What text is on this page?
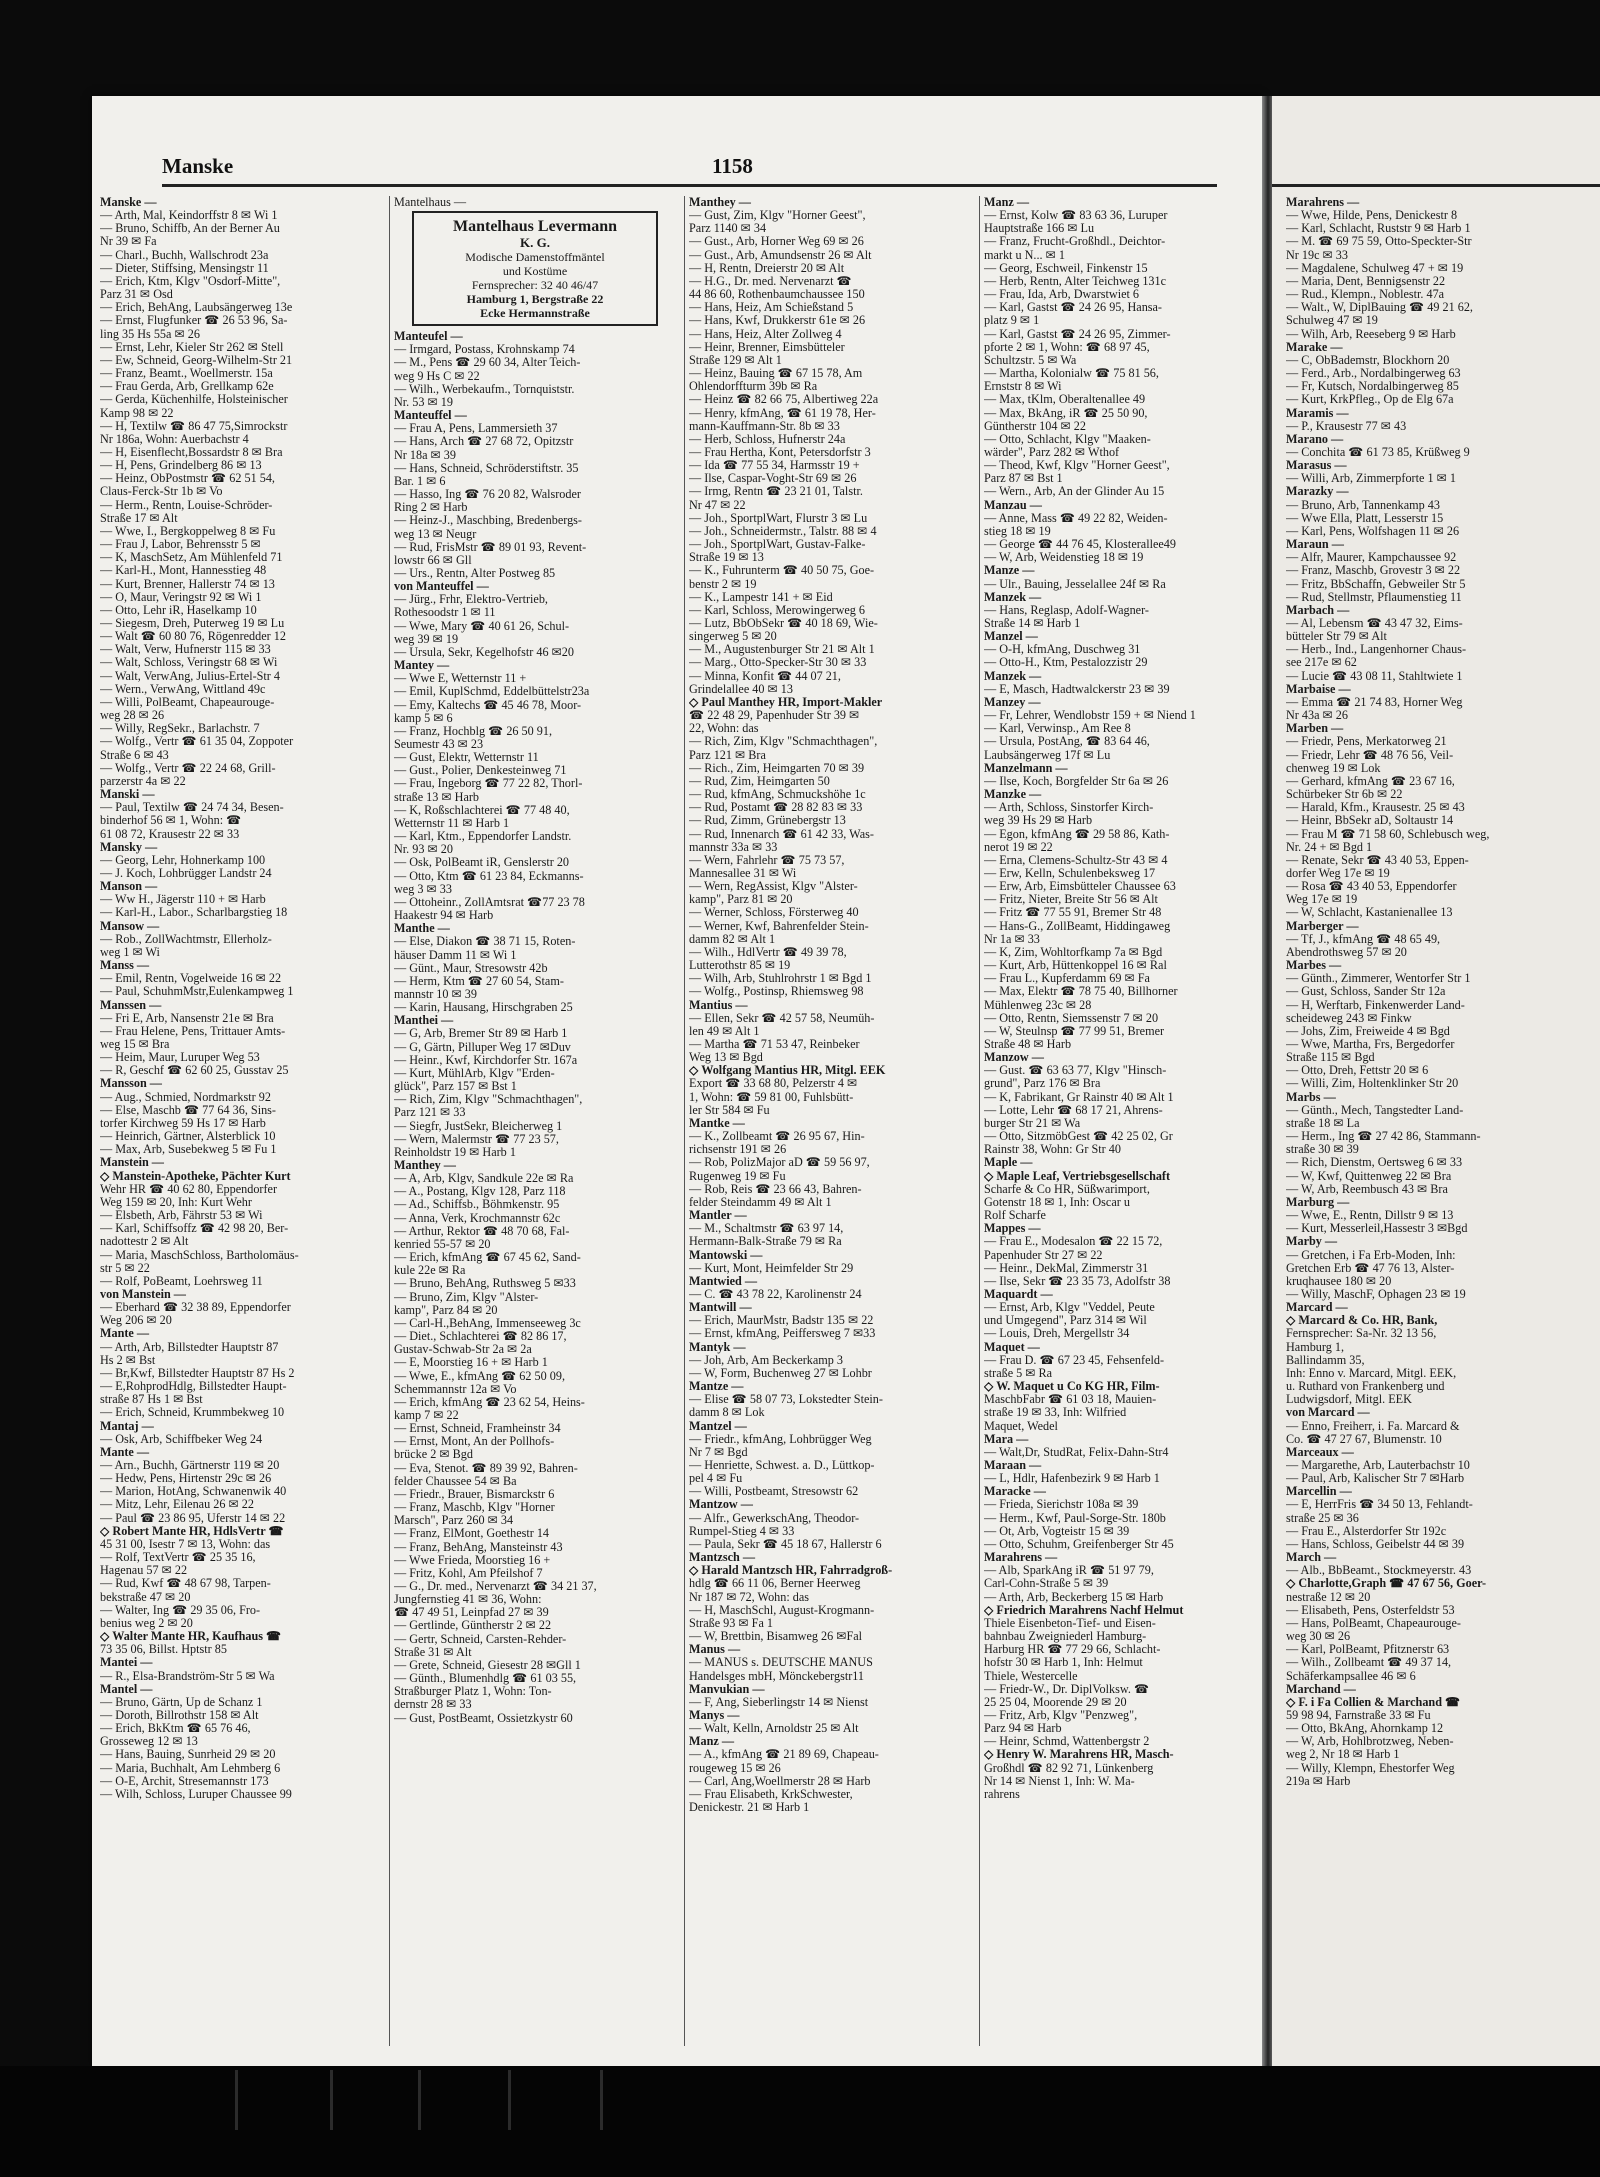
Manske	1158
Manske —
— Arth, Mal, Keindorffstr 8 ✉ Wi 1
— Bruno, Schiffb, An der Berner Au
Nr 39 ✉ Fa
— Charl., Buchh, Wallschrodt 23a
— Dieter, Stiffsing, Mensingstr 11
— Erich, Ktm, Klgv "Osdorf-Mitte",
Parz 31 ✉ Osd
— Erich, BehAng, Laubsängerweg 13e
— Ernst, Flugfunker ☎ 26 53 96, Sa-
ling 35 Hs 55a ✉ 26
— Ernst, Lehr, Kieler Str 262 ✉ Stell
— Ew, Schneid, Georg-Wilhelm-Str 21
— Franz, Beamt., Woellmerstr. 15a
— Frau Gerda, Arb, Grellkamp 62e
— Gerda, Küchenhilfe, Holsteinischer
Kamp 98 ✉ 22
— H, Textilw ☎ 86 47 75,Simrockstr
Nr 186a, Wohn: Auerbachstr 4
— H, Eisenflecht,Bossardstr 8 ✉ Bra
— H, Pens, Grindelberg 86 ✉ 13
— Heinz, ObPostmstr ☎ 62 51 54,
Claus-Ferck-Str 1b ✉ Vo
— Herm., Rentn, Louise-Schröder-
Straße 17 ✉ Alt
— Wwe, I., Bergkoppelweg 8 ✉ Fu
— Frau J, Labor, Behrensstr 5 ✉
— K, MaschSetz, Am Mühlenfeld 71
— Karl-H., Mont, Hannesstieg 48
— Kurt, Brenner, Hallerstr 74 ✉ 13
— O, Maur, Veringstr 92 ✉ Wi 1
— Otto, Lehr iR, Haselkamp 10
— Siegesm, Dreh, Puterweg 19 ✉ Lu
— Walt ☎ 60 80 76, Rögenredder 12
— Walt, Verw, Hufnerstr 115 ✉ 33
— Walt, Schloss, Veringstr 68 ✉ Wi
— Walt, VerwAng, Julius-Ertel-Str 4
— Wern., VerwAng, Wittland 49c
— Willi, PolBeamt, Chapeaurouge-
weg 28 ✉ 26
— Willy, RegSekr., Barlachstr. 7
— Wolfg., Vertr ☎ 61 35 04, Zoppoter
Straße 6 ✉ 43
— Wolfg., Vertr ☎ 22 24 68, Grill-
parzerstr 4a ✉ 22
Manski —
— Paul, Textilw ☎ 24 74 34, Besen-
binderhof 56 ✉ 1, Wohn: ☎
61 08 72, Krausestr 22 ✉ 33
Mansky —
— Georg, Lehr, Hohnerkamp 100
— J. Koch, Lohbrügger Landstr 24
Manson —
— Ww H., Jägerstr 110 + ✉ Harb
— Karl-H., Labor., Scharlbargstieg 18
Mansow —
— Rob., ZollWachtmstr, Ellerholz-
weg 1 ✉ Wi
Manss —
— Emil, Rentn, Vogelweide 16 ✉ 22
— Paul, SchuhmMstr,Eulenkampweg 1
Manssen —
— Fri E, Arb, Nansenstr 21e ✉ Bra
— Frau Helene, Pens, Trittauer Amts-
weg 15 ✉ Bra
— Heim, Maur, Luruper Weg 53
— R, Geschf ☎ 62 60 25, Gusstav 25
Mansson —
— Aug., Schmied, Nordmarkstr 92
— Else, Maschb ☎ 77 64 36, Sins-
torfer Kirchweg 59 Hs 17 ✉ Harb
— Heinrich, Gärtner, Alsterblick 10
— Max, Arb, Susebekweg 5 ✉ Fu 1
Manstein —
◇ Manstein-Apotheke, Pächter Kurt
Wehr HR ☎ 40 62 80, Eppendorfer
Weg 159 ✉ 20, Inh: Kurt Wehr
— Elsbeth, Arb, Fährstr 53 ✉ Wi
— Karl, Schiffsoffz ☎ 42 98 20, Ber-
nadottestr 2 ✉ Alt
— Maria, MaschSchloss, Bartholomäus-
str 5 ✉ 22
— Rolf, PoBeamt, Loehrsweg 11
von Manstein —
— Eberhard ☎ 32 38 89, Eppendorfer
Weg 206 ✉ 20
Mante —
— Arth, Arb, Billstedter Hauptstr 87
Hs 2 ✉ Bst
— Br,Kwf, Billstedter Hauptstr 87 Hs 2
— E,RohprodHdlg, Billstedter Haupt-
straße 87 Hs 1 ✉ Bst
— Erich, Schneid, Krummbekweg 10
Mantaj —
— Osk, Arb, Schiffbeker Weg 24
Mante —
— Arn., Buchh, Gärtnerstr 119 ✉ 20
— Hedw, Pens, Hirtenstr 29c ✉ 26
— Marion, HotAng, Schwanenwik 40
— Mitz, Lehr, Eilenau 26 ✉ 22
— Paul ☎ 23 86 95, Uferstr 14 ✉ 22
◇ Robert Mante HR, HdlsVertr ☎
45 31 00, Isestr 7 ✉ 13, Wohn: das
— Rolf, TextVertr ☎ 25 35 16,
Hagenau 57 ✉ 22
— Rud, Kwf ☎ 48 67 98, Tarpen-
bekstraße 47 ✉ 20
— Walter, Ing ☎ 29 35 06, Fro-
benius weg 2 ✉ 20
◇ Walter Mante HR, Kaufhaus ☎
73 35 06, Billst. Hptstr 85
Mantei —
— R., Elsa-Brandström-Str 5 ✉ Wa
Mantel —
— Bruno, Gärtn, Up de Schanz 1
— Doroth, Billrothstr 158 ✉ Alt
— Erich, BkKtm ☎ 65 76 46,
Grosseweg 12 ✉ 13
— Hans, Bauing, Sunrheid 29 ✉ 20
— Maria, Buchhalt, Am Lehmberg 6
— O-E, Archit, Stresemannstr 173
— Wilh, Schloss, Luruper Chaussee 99
Mantelhaus —
Mantelhaus Levermann
K. G.
Modische Damenstoffmäntel
und Kostüme
Fernsprecher: 32 40 46/47
Hamburg 1, Bergstraße 22
Ecke Hermannstraße
Manteufel —
— Irmgard, Postass, Krohnskamp 74
— M., Pens ☎ 29 60 34, Alter Teich-
weg 9 Hs C ✉ 22
— Wilh., Werbekaufm., Tornquiststr.
Nr. 53 ✉ 19
Manteuffel —
— Frau A, Pens, Lammersieth 37
— Hans, Arch ☎ 27 68 72, Opitzstr
Nr 18a ✉ 39
— Hans, Schneid, Schröderstiftstr. 35
Bar. 1 ✉ 6
— Hasso, Ing ☎ 76 20 82, Walsroder
Ring 2 ✉ Harb
— Heinz-J., Maschbing, Bredenbergs-
weg 13 ✉ Neugr
— Rud, FrisMstr ☎ 89 01 93, Revent-
lowstr 66 ✉ Gll
— Urs., Rentn, Alter Postweg 85
von Manteuffel —
— Jürg., Frhr, Elektro-Vertrieb,
Rothesoodstr 1 ✉ 11
— Wwe, Mary ☎ 40 61 26, Schul-
weg 39 ✉ 19
— Ursula, Sekr, Kegelhofstr 46 ✉20
Mantey —
— Wwe E, Wetternstr 11 +
— Emil, KuplSchmd, Eddelbüttelstr23a
— Emy, Kaltechs ☎ 45 46 78, Moor-
kamp 5 ✉ 6
— Franz, Hochblg ☎ 26 50 91,
Seumestr 43 ✉ 23
— Gust, Elektr, Wetternstr 11
— Gust., Polier, Denkesteinweg 71
— Frau, Ingeborg ☎ 77 22 82, Thorl-
straße 13 ✉ Harb
— K, Roßschlachterei ☎ 77 48 40,
Wetternstr 11 ✉ Harb 1
— Karl, Ktm., Eppendorfer Landstr.
Nr. 93 ✉ 20
— Osk, PolBeamt iR, Genslerstr 20
— Otto, Ktm ☎ 61 23 84, Eckmanns-
weg 3 ✉ 33
— Ottoheinr., ZollAmtsrat ☎77 23 78
Haakestr 94 ✉ Harb
Manthe —
— Else, Diakon ☎ 38 71 15, Roten-
häuser Damm 11 ✉ Wi 1
— Günt., Maur, Stresowstr 42b
— Herm, Ktm ☎ 27 60 54, Stam-
mannstr 10 ✉ 39
— Karin, Hausang, Hirschgraben 25
Manthei —
— G, Arb, Bremer Str 89 ✉ Harb 1
— G, Gärtn, Pilluper Weg 17 ✉Duv
— Heinr., Kwf, Kirchdorfer Str. 167a
— Kurt, MühlArb, Klgv "Erden-
glück", Parz 157 ✉ Bst 1
— Rich, Zim, Klgv "Schmachthagen",
Parz 121 ✉ 33
— Siegfr, JustSekr, Bleicherweg 1
— Wern, Malermstr ☎ 77 23 57,
Reinholdstr 19 ✉ Harb 1
Manthey —
— A, Arb, Klgv, Sandkule 22e ✉ Ra
— A., Postang, Klgv 128, Parz 118
— Ad., Schiffsb., Böhmkenstr. 95
— Anna, Verk, Krochmannstr 62c
— Arthur, Rektor ☎ 48 70 68, Fal-
kenried 55-57 ✉ 20
— Erich, kfmAng ☎ 67 45 62, Sand-
kule 22e ✉ Ra
— Bruno, BehAng, Ruthsweg 5 ✉33
— Bruno, Zim, Klgv "Alster-
kamp", Parz 84 ✉ 20
— Carl-H.,BehAng, Immenseeweg 3c
— Diet., Schlachterei ☎ 82 86 17,
Gustav-Schwab-Str 2a ✉ 2a
— E, Moorstieg 16 + ✉ Harb 1
— Wwe, E., kfmAng ☎ 62 50 09,
Schemmannstr 12a ✉ Vo
— Erich, kfmAng ☎ 23 62 54, Heins-
kamp 7 ✉ 22
— Ernst, Schneid, Framheinstr 34
— Ernst, Mont, An der Pollhofs-
brücke 2 ✉ Bgd
— Eva, Stenot. ☎ 89 39 92, Bahren-
felder Chaussee 54 ✉ Ba
— Friedr., Brauer, Bismarckstr 6
— Franz, Maschb, Klgv "Horner
Marsch", Parz 260 ✉ 34
— Franz, ElMont, Goethestr 14
— Franz, BehAng, Mansteinstr 43
— Wwe Frieda, Moorstieg 16 +
— Fritz, Kohl, Am Pfeilshof 7
— G., Dr. med., Nervenarzt ☎ 34 21 37,
Jungfernstieg 41 ✉ 36, Wohn:
☎ 47 49 51, Leinpfad 27 ✉ 39
— Gertlinde, Güntherstr 2 ✉ 22
— Gertr, Schneid, Carsten-Rehder-
Straße 31 ✉ Alt
— Grete, Schneid, Giesestr 28 ✉Gll 1
— Günth., Blumenhdlg ☎ 61 03 55,
Straßburger Platz 1, Wohn: Ton-
dernstr 28 ✉ 33
— Gust, PostBeamt, Ossietzkystr 60
Manthey —
— Gust, Zim, Klgv "Horner Geest",
Parz 1140 ✉ 34
— Gust., Arb, Horner Weg 69 ✉ 26
— Gust., Arb, Amundsenstr 26 ✉ Alt
— H, Rentn, Dreierstr 20 ✉ Alt
— H.G., Dr. med. Nervenarzt ☎
44 86 60, Rothenbaumchaussee 150
— Hans, Heiz, Am Schießstand 5
— Hans, Kwf, Drukkerstr 61e ✉ 26
— Hans, Heiz, Alter Zollweg 4
— Heinr, Brenner, Eimsbütteler
Straße 129 ✉ Alt 1
— Heinz, Bauing ☎ 67 15 78, Am
Ohlendorffturm 39b ✉ Ra
— Heinz ☎ 82 66 75, Albertiweg 22a
— Henry, kfmAng, ☎ 61 19 78, Her-
mann-Kauffmann-Str. 8b ✉ 33
— Herb, Schloss, Hufnerstr 24a
— Frau Hertha, Kont, Petersdorfstr 3
— Ida ☎ 77 55 34, Harmsstr 19 +
— Ilse, Caspar-Voght-Str 69 ✉ 26
— Irmg, Rentn ☎ 23 21 01, Talstr.
Nr 47 ✉ 22
— Joh., SportplWart, Flurstr 3 ✉ Lu
— Joh., Schneidermstr., Talstr. 88 ✉ 4
— Joh., SportplWart, Gustav-Falke-
Straße 19 ✉ 13
— K., Fuhrunterm ☎ 40 50 75, Goe-
benstr 2 ✉ 19
— K., Lampestr 141 + ✉ Eid
— Karl, Schloss, Merowingerweg 6
— Lutz, BbObSekr ☎ 40 18 69, Wie-
singerweg 5 ✉ 20
— M., Augustenburger Str 21 ✉ Alt 1
— Marg., Otto-Specker-Str 30 ✉ 33
— Minna, Konfit ☎ 44 07 21,
Grindelallee 40 ✉ 13
◇ Paul Manthey HR, Import-Makler
☎ 22 48 29, Papenhuder Str 39 ✉
22, Wohn: das
— Rich, Zim, Klgv "Schmachthagen",
Parz 121 ✉ Bra
— Rich., Zim, Heimgarten 70 ✉ 39
— Rud, Zim, Heimgarten 50
— Rud, kfmAng, Schmuckshöhe 1c
— Rud, Postamt ☎ 28 82 83 ✉ 33
— Rud, Zimm, Grünebergstr 13
— Rud, Innenarch ☎ 61 42 33, Was-
mannstr 33a ✉ 33
— Wern, Fahrlehr ☎ 75 73 57,
Mannesallee 31 ✉ Wi
— Wern, RegAssist, Klgv "Alster-
kamp", Parz 81 ✉ 20
— Werner, Schloss, Försterweg 40
— Werner, Kwf, Bahrenfelder Stein-
damm 82 ✉ Alt 1
— Wilh., HdlVertr ☎ 49 39 78,
Lutterothstr 85 ✉ 19
— Wilh, Arb, Stuhlrohrstr 1 ✉ Bgd 1
— Wolfg., Postinsp, Rhiemsweg 98
Mantius —
— Ellen, Sekr ☎ 42 57 58, Neumüh-
len 49 ✉ Alt 1
— Martha ☎ 71 53 47, Reinbeker
Weg 13 ✉ Bgd
◇ Wolfgang Mantius HR, Mitgl. EEK
Export ☎ 33 68 80, Pelzerstr 4 ✉
1, Wohn: ☎ 59 81 00, Fuhlsbütt-
ler Str 584 ✉ Fu
Mantke —
— K., Zollbeamt ☎ 26 95 67, Hin-
richsenstr 191 ✉ 26
— Rob, PolizMajor aD ☎ 59 56 97,
Rugenweg 19 ✉ Fu
— Rob, Reis ☎ 23 66 43, Bahren-
felder Steindamm 49 ✉ Alt 1
Mantler —
— M., Schaltmstr ☎ 63 97 14,
Hermann-Balk-Straße 79 ✉ Ra
Mantowski —
— Kurt, Mont, Heimfelder Str 29
Mantwied —
— C. ☎ 43 78 22, Karolinenstr 24
Mantwill —
— Erich, MaurMstr, Badstr 135 ✉ 22
— Ernst, kfmAng, Peiffersweg 7 ✉33
Mantyk —
— Joh, Arb, Am Beckerkamp 3
— W, Form, Buchenweg 27 ✉ Lohbr
Mantze —
— Elise ☎ 58 07 73, Lokstedter Stein-
damm 8 ✉ Lok
Mantzel —
— Friedr., kfmAng, Lohbrügger Weg
Nr 7 ✉ Bgd
— Henriette, Schwest. a. D., Lüttkop-
pel 4 ✉ Fu
— Willi, Postbeamt, Stresowstr 62
Mantzow —
— Alfr., GewerkschAng, Theodor-
Rumpel-Stieg 4 ✉ 33
— Paula, Sekr ☎ 45 18 67, Hallerstr 6
Mantzsch —
◇ Harald Mantzsch HR, Fahrradgroß-
hdlg ☎ 66 11 06, Berner Heerweg
Nr 187 ✉ 72, Wohn: das
— H, MaschSchl, August-Krogmann-
Straße 93 ✉ Fa 1
— W, Brettbin, Bisamweg 26 ✉Fal
Manus —
— MANUS s. DEUTSCHE MANUS
Handelsges mbH, Mönckebergstr11
Manvukian —
— F, Ang, Sieberlingstr 14 ✉ Nienst
Manys —
— Walt, Kelln, Arnoldstr 25 ✉ Alt
Manz —
— A., kfmAng ☎ 21 89 69, Chapeau-
rougeweg 15 ✉ 26
— Carl, Ang,Woellmerstr 28 ✉ Harb
— Frau Elisabeth, KrkSchwester,
Denickestr. 21 ✉ Harb 1
Manz —
— Ernst, Kolw ☎ 83 63 36, Luruper
Hauptstraße 166 ✉ Lu
— Franz, Frucht-Großhdl., Deichtor-
markt u N... ✉ 1
— Georg, Eschweil, Finkenstr 15
— Herb, Rentn, Alter Teichweg 131c
— Frau, Ida, Arb, Dwarstwiet 6
— Karl, Gastst ☎ 24 26 95, Hansa-
platz 9 ✉ 1
— Karl, Gastst ☎ 24 26 95, Zimmer-
pforte 2 ✉ 1, Wohn: ☎ 68 97 45,
Schultzstr. 5 ✉ Wa
— Martha, Kolonialw ☎ 75 81 56,
Ernststr 8 ✉ Wi
— Max, tKlm, Oberaltenallee 49
— Max, BkAng, iR ☎ 25 50 90,
Güntherstr 104 ✉ 22
— Otto, Schlacht, Klgv "Maaken-
wärder", Parz 282 ✉ Wthof
— Theod, Kwf, Klgv "Horner Geest",
Parz 87 ✉ Bst 1
— Wern., Arb, An der Glinder Au 15
Manzau —
— Anne, Mass ☎ 49 22 82, Weiden-
stieg 18 ✉ 19
— George ☎ 44 76 45, Klosterallee49
— W, Arb, Weidenstieg 18 ✉ 19
Manze —
— Ulr., Bauing, Jesselallee 24f ✉ Ra
Manzek —
— Hans, Reglasp, Adolf-Wagner-
Straße 14 ✉ Harb 1
Manzel —
— O-H, kfmAng, Duschweg 31
— Otto-H., Ktm, Pestalozzistr 29
Manzek —
— E, Masch, Hadtwalckerstr 23 ✉ 39
Manzey —
— Fr, Lehrer, Wendlobstr 159 + ✉ Niend 1
— Karl, Verwinsp., Am Ree 8
— Ursula, PostAng, ☎ 83 64 46,
Laubsängerweg 17f ✉ Lu
Manzelmann —
— Ilse, Koch, Borgfelder Str 6a ✉ 26
Manzke —
— Arth, Schloss, Sinstorfer Kirch-
weg 39 Hs 29 ✉ Harb
— Egon, kfmAng ☎ 29 58 86, Kath-
nerot 19 ✉ 22
— Erna, Clemens-Schultz-Str 43 ✉ 4
— Erw, Kelln, Schulenbeksweg 17
— Erw, Arb, Eimsbütteler Chaussee 63
— Fritz, Nieter, Breite Str 56 ✉ Alt
— Fritz ☎ 77 55 91, Bremer Str 48
— Hans-G., ZollBeamt, Hiddingaweg
Nr 1a ✉ 33
— K, Zim, Wohltorfkamp 7a ✉ Bgd
— Kurt, Arb, Hüttenkoppel 16 ✉ Ral
— Frau L., Kupferdamm 69 ✉ Fa
— Max, Elektr ☎ 78 75 40, Billhorner
Mühlenweg 23c ✉ 28
— Otto, Rentn, Siemssenstr 7 ✉ 20
— W, Steulnsp ☎ 77 99 51, Bremer
Straße 48 ✉ Harb
Manzow —
— Gust. ☎ 63 63 77, Klgv "Hinsch-
grund", Parz 176 ✉ Bra
— K, Fabrikant, Gr Rainstr 40 ✉ Alt 1
— Lotte, Lehr ☎ 68 17 21, Ahrens-
burger Str 21 ✉ Wa
— Otto, SitzmöbGest ☎ 42 25 02, Gr
Rainstr 38, Wohn: Gr Str 40
Maple —
◇ Maple Leaf, Vertriebsgesellschaft
Scharfe & Co HR, Süßwarimport,
Gotenstr 18 ✉ 1, Inh: Oscar u
Rolf Scharfe
Mappes —
— Frau E., Modesalon ☎ 22 15 72,
Papenhuder Str 27 ✉ 22
— Heinr., DekMal, Zimmerstr 31
— Ilse, Sekr ☎ 23 35 73, Adolfstr 38
Maquardt —
— Ernst, Arb, Klgv "Veddel, Peute
und Umgegend", Parz 314 ✉ Wil
— Louis, Dreh, Mergellstr 34
Maquet —
— Frau D. ☎ 67 23 45, Fehsenfeld-
straße 5 ✉ Ra
◇ W. Maquet u Co KG HR, Film-
MaschbFabr ☎ 61 03 18, Mauien-
straße 19 ✉ 33, Inh: Wilfried
Maquet, Wedel
Mara —
— Walt,Dr, StudRat, Felix-Dahn-Str4
Maraan —
— L, Hdlr, Hafenbezirk 9 ✉ Harb 1
Maracke —
— Frieda, Sierichstr 108a ✉ 39
— Herm., Kwf, Paul-Sorge-Str. 180b
— Ot, Arb, Vogteistr 15 ✉ 39
— Otto, Schuhm, Greifenberger Str 45
Marahrens —
— Alb, SparkAng iR ☎ 51 97 79,
Carl-Cohn-Straße 5 ✉ 39
— Arth, Arb, Beckerberg 15 ✉ Harb
◇ Friedrich Marahrens Nachf Helmut
Thiele Eisenbeton-Tief- und Eisen-
bahnbau Zweigniederl Hamburg-
Harburg HR ☎ 77 29 66, Schlacht-
hofstr 30 ✉ Harb 1, Inh: Helmut
Thiele, Westercelle
— Friedr-W., Dr. DiplVolksw. ☎
25 25 04, Moorende 29 ✉ 20
— Fritz, Arb, Klgv "Penzweg",
Parz 94 ✉ Harb
— Heinr, Schmd, Wattenbergstr 2
◇ Henry W. Marahrens HR, Masch-
Großhdl ☎ 82 92 71, Lünkenberg
Nr 14 ✉ Nienst 1, Inh: W. Ma-
rahrens
Marahrens —
— Wwe, Hilde, Pens, Denickestr 8
— Karl, Schlacht, Ruststr 9 ✉ Harb 1
— M. ☎ 69 75 59, Otto-Speckter-Str
Nr 19c ✉ 33
— Magdalene, Schulweg 47 + ✉ 19
— Maria, Dent, Bennigsenstr 22
— Rud., Klempn., Noblestr. 47a
— Walt., W, DiplBauing ☎ 49 21 62,
Schulweg 47 ✉ 19
— Wilh, Arb, Reeseberg 9 ✉ Harb
Marake —
— C, ObBademstr, Blockhorn 20
— Ferd., Arb., Nordalbingerweg 63
— Fr, Kutsch, Nordalbingerweg 85
— Kurt, KrkPfleg., Op de Elg 67a
Maramis —
— P., Krausestr 77 ✉ 43
Marano —
— Conchita ☎ 61 73 85, Krüßweg 9
Marasus —
— Willi, Arb, Zimmerpforte 1 ✉ 1
Marazky —
— Bruno, Arb, Tannenkamp 43
— Wwe Ella, Platt, Lesserstr 15
— Karl, Pens, Wolfshagen 11 ✉ 26
Maraun —
— Alfr, Maurer, Kampchaussee 92
— Franz, Maschb, Grovestr 3 ✉ 22
— Fritz, BbSchaffn, Gebweiler Str 5
— Rud, Stellmstr, Pflaumenstieg 11
Marbach —
— Al, Lebensm ☎ 43 47 32, Eims-
bütteler Str 79 ✉ Alt
— Herb., Ind., Langenhorner Chaus-
see 217e ✉ 62
— Lucie ☎ 43 08 11, Stahltwiete 1
Marbaise —
— Emma ☎ 21 74 83, Horner Weg
Nr 43a ✉ 26
Marben —
— Friedr, Pens, Merkatorweg 21
— Friedr, Lehr ☎ 48 76 56, Veil-
chenweg 19 ✉ Lok
— Gerhard, kfmAng ☎ 23 67 16,
Schürbeker Str 6b ✉ 22
— Harald, Kfm., Krausestr. 25 ✉ 43
— Heinr, BbSekr aD, Soltaustr 14
— Frau M ☎ 71 58 60, Schlebusch weg,
Nr. 24 + ✉ Bgd 1
— Renate, Sekr ☎ 43 40 53, Eppen-
dorfer Weg 17e ✉ 19
— Rosa ☎ 43 40 53, Eppendorfer
Weg 17e ✉ 19
— W, Schlacht, Kastanienallee 13
Marberger —
— Tf, J., kfmAng ☎ 48 65 49,
Abendrothsweg 57 ✉ 20
Marbes —
— Günth., Zimmerer, Wentorfer Str 1
— Gust, Schloss, Sander Str 12a
— H, Werftarb, Finkenwerder Land-
scheideweg 243 ✉ Finkw
— Johs, Zim, Freiweide 4 ✉ Bgd
— Wwe, Martha, Frs, Bergedorfer
Straße 115 ✉ Bgd
— Otto, Dreh, Fettstr 20 ✉ 6
— Willi, Zim, Holtenklinker Str 20
Marbs —
— Günth., Mech, Tangstedter Land-
straße 18 ✉ La
— Herm., Ing ☎ 27 42 86, Stammann-
straße 30 ✉ 39
— Rich, Dienstm, Oertsweg 6 ✉ 33
— W, Kwf, Quittenweg 22 ✉ Bra
— W, Arb, Reembusch 43 ✉ Bra
Marburg —
— Wwe, E., Rentn, Dillstr 9 ✉ 13
— Kurt, Messerleil,Hassestr 3 ✉Bgd
Marby —
— Gretchen, i Fa Erb-Moden, Inh:
Gretchen Erb ☎ 47 76 13, Alster-
kruqhausee 180 ✉ 20
— Willy, MaschF, Ophagen 23 ✉ 19
Marcard —
◇ Marcard & Co. HR, Bank,
Fernsprecher: Sa-Nr. 32 13 56,
Hamburg 1,
Ballindamm 35,
Inh: Enno v. Marcard, Mitgl. EEK,
u. Ruthard von Frankenberg und
Ludwigsdorf, Mitgl. EEK
von Marcard —
— Enno, Freiherr, i. Fa. Marcard &
Co. ☎ 47 27 67, Blumenstr. 10
Marceaux —
— Margarethe, Arb, Lauterbachstr 10
— Paul, Arb, Kalischer Str 7 ✉Harb
Marcellin —
— E, HerrFris ☎ 34 50 13, Fehlandt-
straße 25 ✉ 36
— Frau E., Alsterdorfer Str 192c
— Hans, Schloss, Geibelstr 44 ✉ 39
March —
— Alb., BbBeamt., Stockmeyerstr. 43
◇ Charlotte,Graph ☎ 47 67 56, Goer-
nestraße 12 ✉ 20
— Elisabeth, Pens, Osterfeldstr 53
— Hans, PolBeamt, Chapeaurouge-
weg 30 ✉ 26
— Karl, PolBeamt, Pfitznerstr 63
— Wilh., Zollbeamt ☎ 49 37 14,
Schäferkampsallee 46 ✉ 6
Marchand —
◇ F. i Fa Collien & Marchand ☎
59 98 94, Farnstraße 33 ✉ Fu
— Otto, BkAng, Ahornkamp 12
— W, Arb, Hohlbrotzweg, Neben-
weg 2, Nr 18 ✉ Harb 1
— Willy, Klempn, Ehestorfer Weg
219a ✉ Harb
